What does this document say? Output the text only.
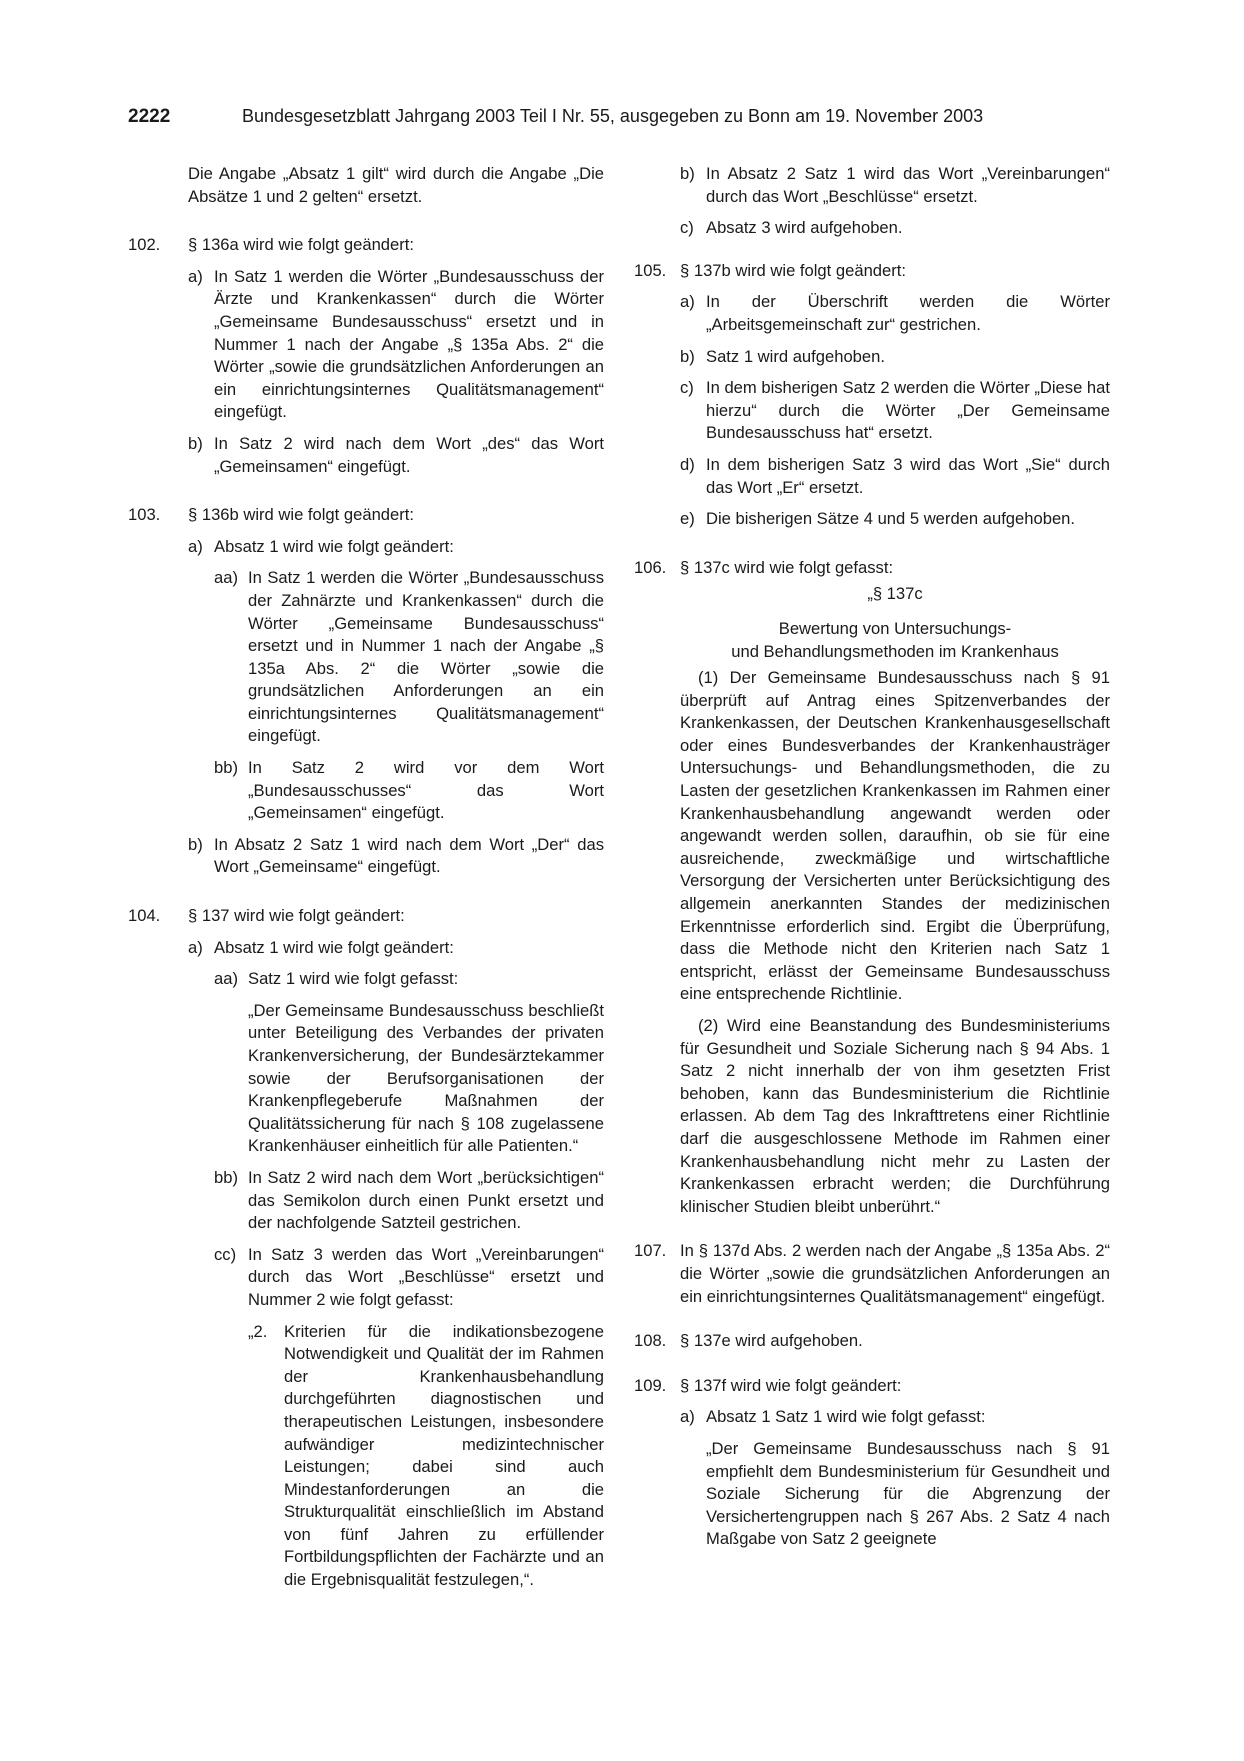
2222	Bundesgesetzblatt Jahrgang 2003 Teil I Nr. 55, ausgegeben zu Bonn am 19. November 2003

Die Angabe „Absatz 1 gilt“ wird durch die Angabe „Die Absätze 1 und 2 gelten“ ersetzt.

102.	§ 136a wird wie folgt geändert:
a) In Satz 1 werden die Wörter „Bundesausschuss der Ärzte und Krankenkassen“ durch die Wörter „Gemeinsame Bundesausschuss“ ersetzt und in Nummer 1 nach der Angabe „§ 135a Abs. 2“ die Wörter „sowie die grundsätzlichen Anforderungen an ein einrichtungsinternes Qualitätsmanagement“ eingefügt.
b) In Satz 2 wird nach dem Wort „des“ das Wort „Gemeinsamen“ eingefügt.
103.	§ 136b wird wie folgt geändert:
a) Absatz 1 wird wie folgt geändert:
aa) In Satz 1 werden die Wörter „Bundesausschuss der Zahnärzte und Krankenkassen“ durch die Wörter „Gemeinsame Bundesausschuss“ ersetzt und in Nummer 1 nach der Angabe „§ 135a Abs. 2“ die Wörter „sowie die grundsätzlichen Anforderungen an ein einrichtungsinternes Qualitätsmanagement“ eingefügt.
bb) In Satz 2 wird vor dem Wort „Bundesausschusses“ das Wort „Gemeinsamen“ eingefügt.
b) In Absatz 2 Satz 1 wird nach dem Wort „Der“ das Wort „Gemeinsame“ eingefügt.
104.	§ 137 wird wie folgt geändert:
a) Absatz 1 wird wie folgt geändert:
aa) Satz 1 wird wie folgt gefasst:

„Der Gemeinsame Bundesausschuss beschließt unter Beteiligung des Verbandes der privaten Krankenversicherung, der Bundesärztekammer sowie der Berufsorganisationen der Krankenpflegeberufe Maßnahmen der Qualitätssicherung für nach § 108 zugelassene Krankenhäuser einheitlich für alle Patienten.“

bb) In Satz 2 wird nach dem Wort „berücksichtigen“ das Semikolon durch einen Punkt ersetzt und der nachfolgende Satzteil gestrichen.
cc) In Satz 3 werden das Wort „Vereinbarungen“ durch das Wort „Beschlüsse“ ersetzt und Nummer 2 wie folgt gefasst:
„2.	Kriterien für die indikationsbezogene Notwendigkeit und Qualität der im Rahmen der Krankenhausbehandlung durchgeführten diagnostischen und therapeutischen Leistungen, insbesondere aufwändiger medizintechnischer Leistungen; dabei sind auch Mindestanforderungen an die Strukturqualität einschließlich im Abstand von fünf Jahren zu erfüllender Fortbildungspflichten der Fachärzte und an die Ergebnisqualität festzulegen,“.
b) In Absatz 2 Satz 1 wird das Wort „Vereinbarungen“ durch das Wort „Beschlüsse“ ersetzt.
c) Absatz 3 wird aufgehoben.
105. § 137b wird wie folgt geändert:
a) In der Überschrift werden die Wörter „Arbeitsgemeinschaft zur“ gestrichen.
b) Satz 1 wird aufgehoben.
c) In dem bisherigen Satz 2 werden die Wörter „Diese hat hierzu“ durch die Wörter „Der Gemeinsame Bundesausschuss hat“ ersetzt.
d) In dem bisherigen Satz 3 wird das Wort „Sie“ durch das Wort „Er“ ersetzt.
e) Die bisherigen Sätze 4 und 5 werden aufgehoben.
106. § 137c wird wie folgt gefasst:

„§ 137c

Bewertung von Untersuchungs-

und Behandlungsmethoden im Krankenhaus

(1) Der Gemeinsame Bundesausschuss nach § 91 überprüft auf Antrag eines Spitzenverbandes der Krankenkassen, der Deutschen Krankenhausgesellschaft oder eines Bundesverbandes der Krankenhausträger Untersuchungs- und Behandlungsmethoden, die zu Lasten der gesetzlichen Krankenkassen im Rahmen einer Krankenhausbehandlung angewandt werden oder angewandt werden sollen, daraufhin, ob sie für eine ausreichende, zweckmäßige und wirtschaftliche Versorgung der Versicherten unter Berücksichtigung des allgemein anerkannten Standes der medizinischen Erkenntnisse erforderlich sind. Ergibt die Überprüfung, dass die Methode nicht den Kriterien nach Satz 1 entspricht, erlässt der Gemeinsame Bundesausschuss eine entsprechende Richtlinie.

(2) Wird eine Beanstandung des Bundesministeriums für Gesundheit und Soziale Sicherung nach § 94 Abs. 1 Satz 2 nicht innerhalb der von ihm gesetzten Frist behoben, kann das Bundesministerium die Richtlinie erlassen. Ab dem Tag des Inkrafttretens einer Richtlinie darf die ausgeschlossene Methode im Rahmen einer Krankenhausbehandlung nicht mehr zu Lasten der Krankenkassen erbracht werden; die Durchführung klinischer Studien bleibt unberührt.“

107. In § 137d Abs. 2 werden nach der Angabe „§ 135a Abs. 2“ die Wörter „sowie die grundsätzlichen Anforderungen an ein einrichtungsinternes Qualitätsmanagement“ eingefügt.
108. § 137e wird aufgehoben.
109. § 137f wird wie folgt geändert:
a) Absatz 1 Satz 1 wird wie folgt gefasst:

„Der Gemeinsame Bundesausschuss nach § 91 empfiehlt dem Bundesministerium für Gesundheit und Soziale Sicherung für die Abgrenzung der Versichertengruppen nach § 267 Abs. 2 Satz 4 nach Maßgabe von Satz 2 geeignete
